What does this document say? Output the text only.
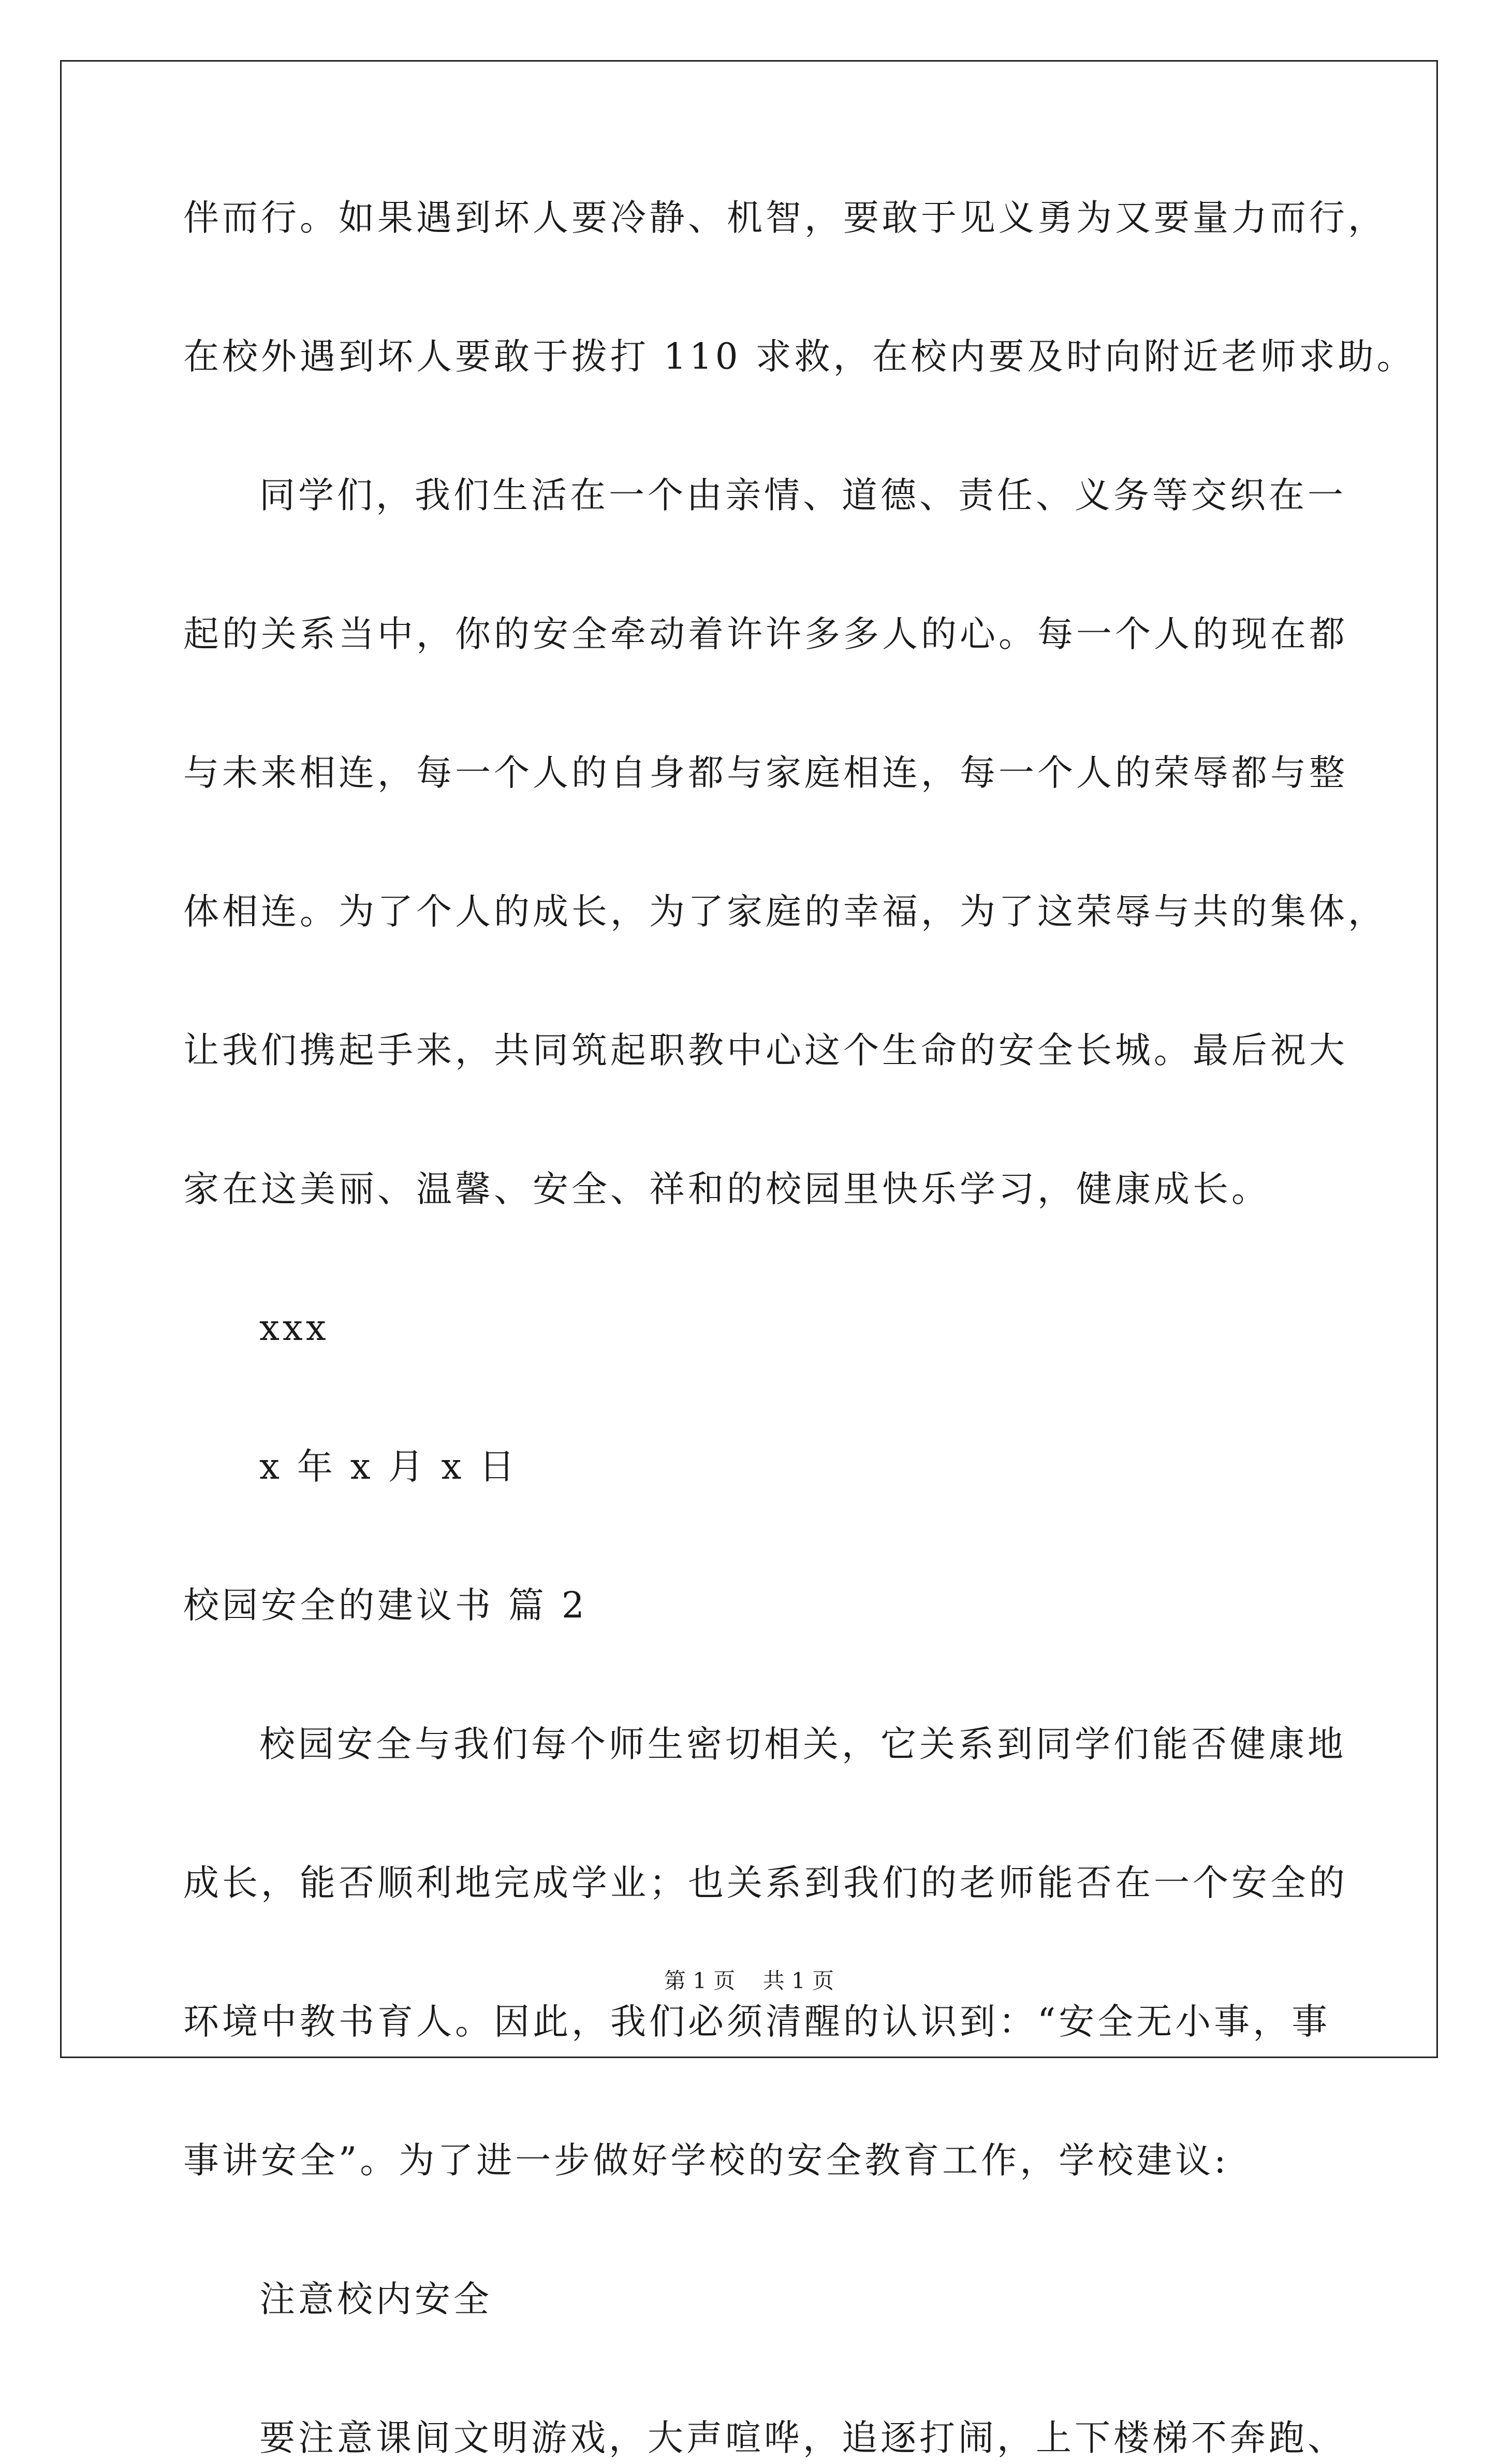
伴而行。如果遇到坏人要冷静、机智，要敢于见义勇为又要量力而行，
在校外遇到坏人要敢于拨打 110 求救，在校内要及时向附近老师求助。
同学们，我们生活在一个由亲情、道德、责任、义务等交织在一
起的关系当中，你的安全牵动着许许多多人的心。每一个人的现在都
与未来相连，每一个人的自身都与家庭相连，每一个人的荣辱都与整
体相连。为了个人的成长，为了家庭的幸福，为了这荣辱与共的集体，
让我们携起手来，共同筑起职教中心这个生命的安全长城。最后祝大
家在这美丽、温馨、安全、祥和的校园里快乐学习，健康成长。
xxx
x 年 x 月 x 日
校园安全的建议书 篇 2
校园安全与我们每个师生密切相关，它关系到同学们能否健康地
成长，能否顺利地完成学业；也关系到我们的老师能否在一个安全的
环境中教书育人。因此，我们必须清醒的认识到：“安全无小事，事
事讲安全”。为了进一步做好学校的安全教育工作，学校建议:
注意校内安全
要注意课间文明游戏，大声喧哗，追逐打闹，上下楼梯不奔跑、
第 1 页    共 1 页
